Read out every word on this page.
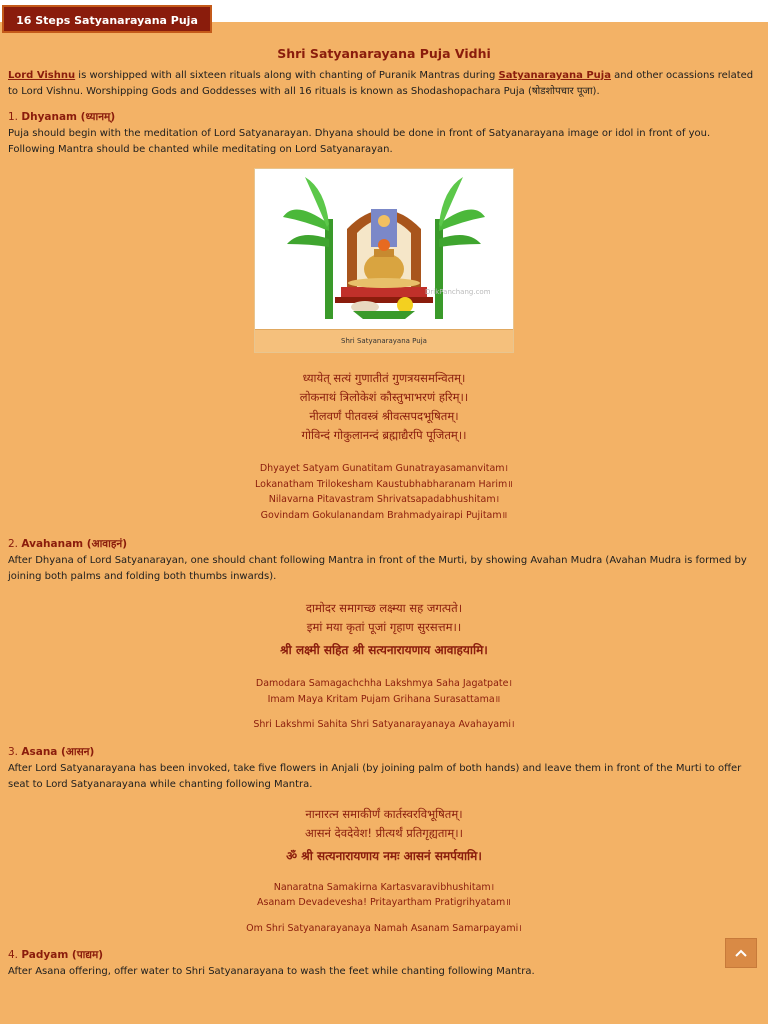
16 Steps Satyanarayana Puja
Shri Satyanarayana Puja Vidhi

Lord Vishnu is worshipped with all sixteen rituals along with chanting of Puranik Mantras during Satyanarayana Puja and other ocassions related to Lord Vishnu. Worshipping Gods and Goddesses with all 16 rituals is known as Shodashopachara Puja (षोडशोपचार पूजा).

1. Dhyanam (ध्यानम्)

Puja should begin with the meditation of Lord Satyanarayan. Dhyana should be done in front of Satyanarayana image or idol in front of you. Following Mantra should be chanted while meditating on Lord Satyanarayan.

DrikPanchang.com
Shri Satyanarayana Puja
ध्यायेत् सत्यं गुणातीतं गुणत्रयसमन्वितम्।
लोकनाथं त्रिलोकेशं कौस्तुभाभरणं हरिम्।।
नीलवर्णं पीतवस्त्रं श्रीवत्सपदभूषितम्।
गोविन्दं गोकुलानन्दं ब्रह्माद्यैरपि पूजितम्।।
Dhyayet Satyam Gunatitam Gunatrayasamanvitam।
Lokanatham Trilokesham Kaustubhabharanam Harim॥
Nilavarna Pitavastram Shrivatsapadabhushitam।
Govindam Gokulanandam Brahmadyairapi Pujitam॥
2. Avahanam (आवाहनं)

After Dhyana of Lord Satyanarayan, one should chant following Mantra in front of the Murti, by showing Avahan Mudra (Avahan Mudra is formed by joining both palms and folding both thumbs inwards).

दामोदर समागच्छ लक्ष्म्या सह जगत्पते।
इमां मया कृतां पूजां गृहाण सुरसत्तम।।
श्री लक्ष्मी सहित श्री सत्यनारायणाय आवाहयामि।
Damodara Samagachchha Lakshmya Saha Jagatpate।
Imam Maya Kritam Pujam Grihana Surasattama॥
Shri Lakshmi Sahita Shri Satyanarayanaya Avahayami।
3. Asana (आसन)

After Lord Satyanarayana has been invoked, take five flowers in Anjali (by joining palm of both hands) and leave them in front of the Murti to offer seat to Lord Satyanarayana while chanting following Mantra.

नानारत्न समाकीर्णं कार्तस्वरविभूषितम्।
आसनं देवदेवेश! प्रीत्यर्थं प्रतिगृह्यताम्।।
ॐ श्री सत्यनारायणाय नमः आसनं समर्पयामि।
Nanaratna Samakirna Kartasvaravibhushitam।
Asanam Devadevesha! Pritayartham Pratigrihyatam॥
Om Shri Satyanarayanaya Namah Asanam Samarpayami।
4. Padyam (पाद्यम)

After Asana offering, offer water to Shri Satyanarayana to wash the feet while chanting following Mantra.
